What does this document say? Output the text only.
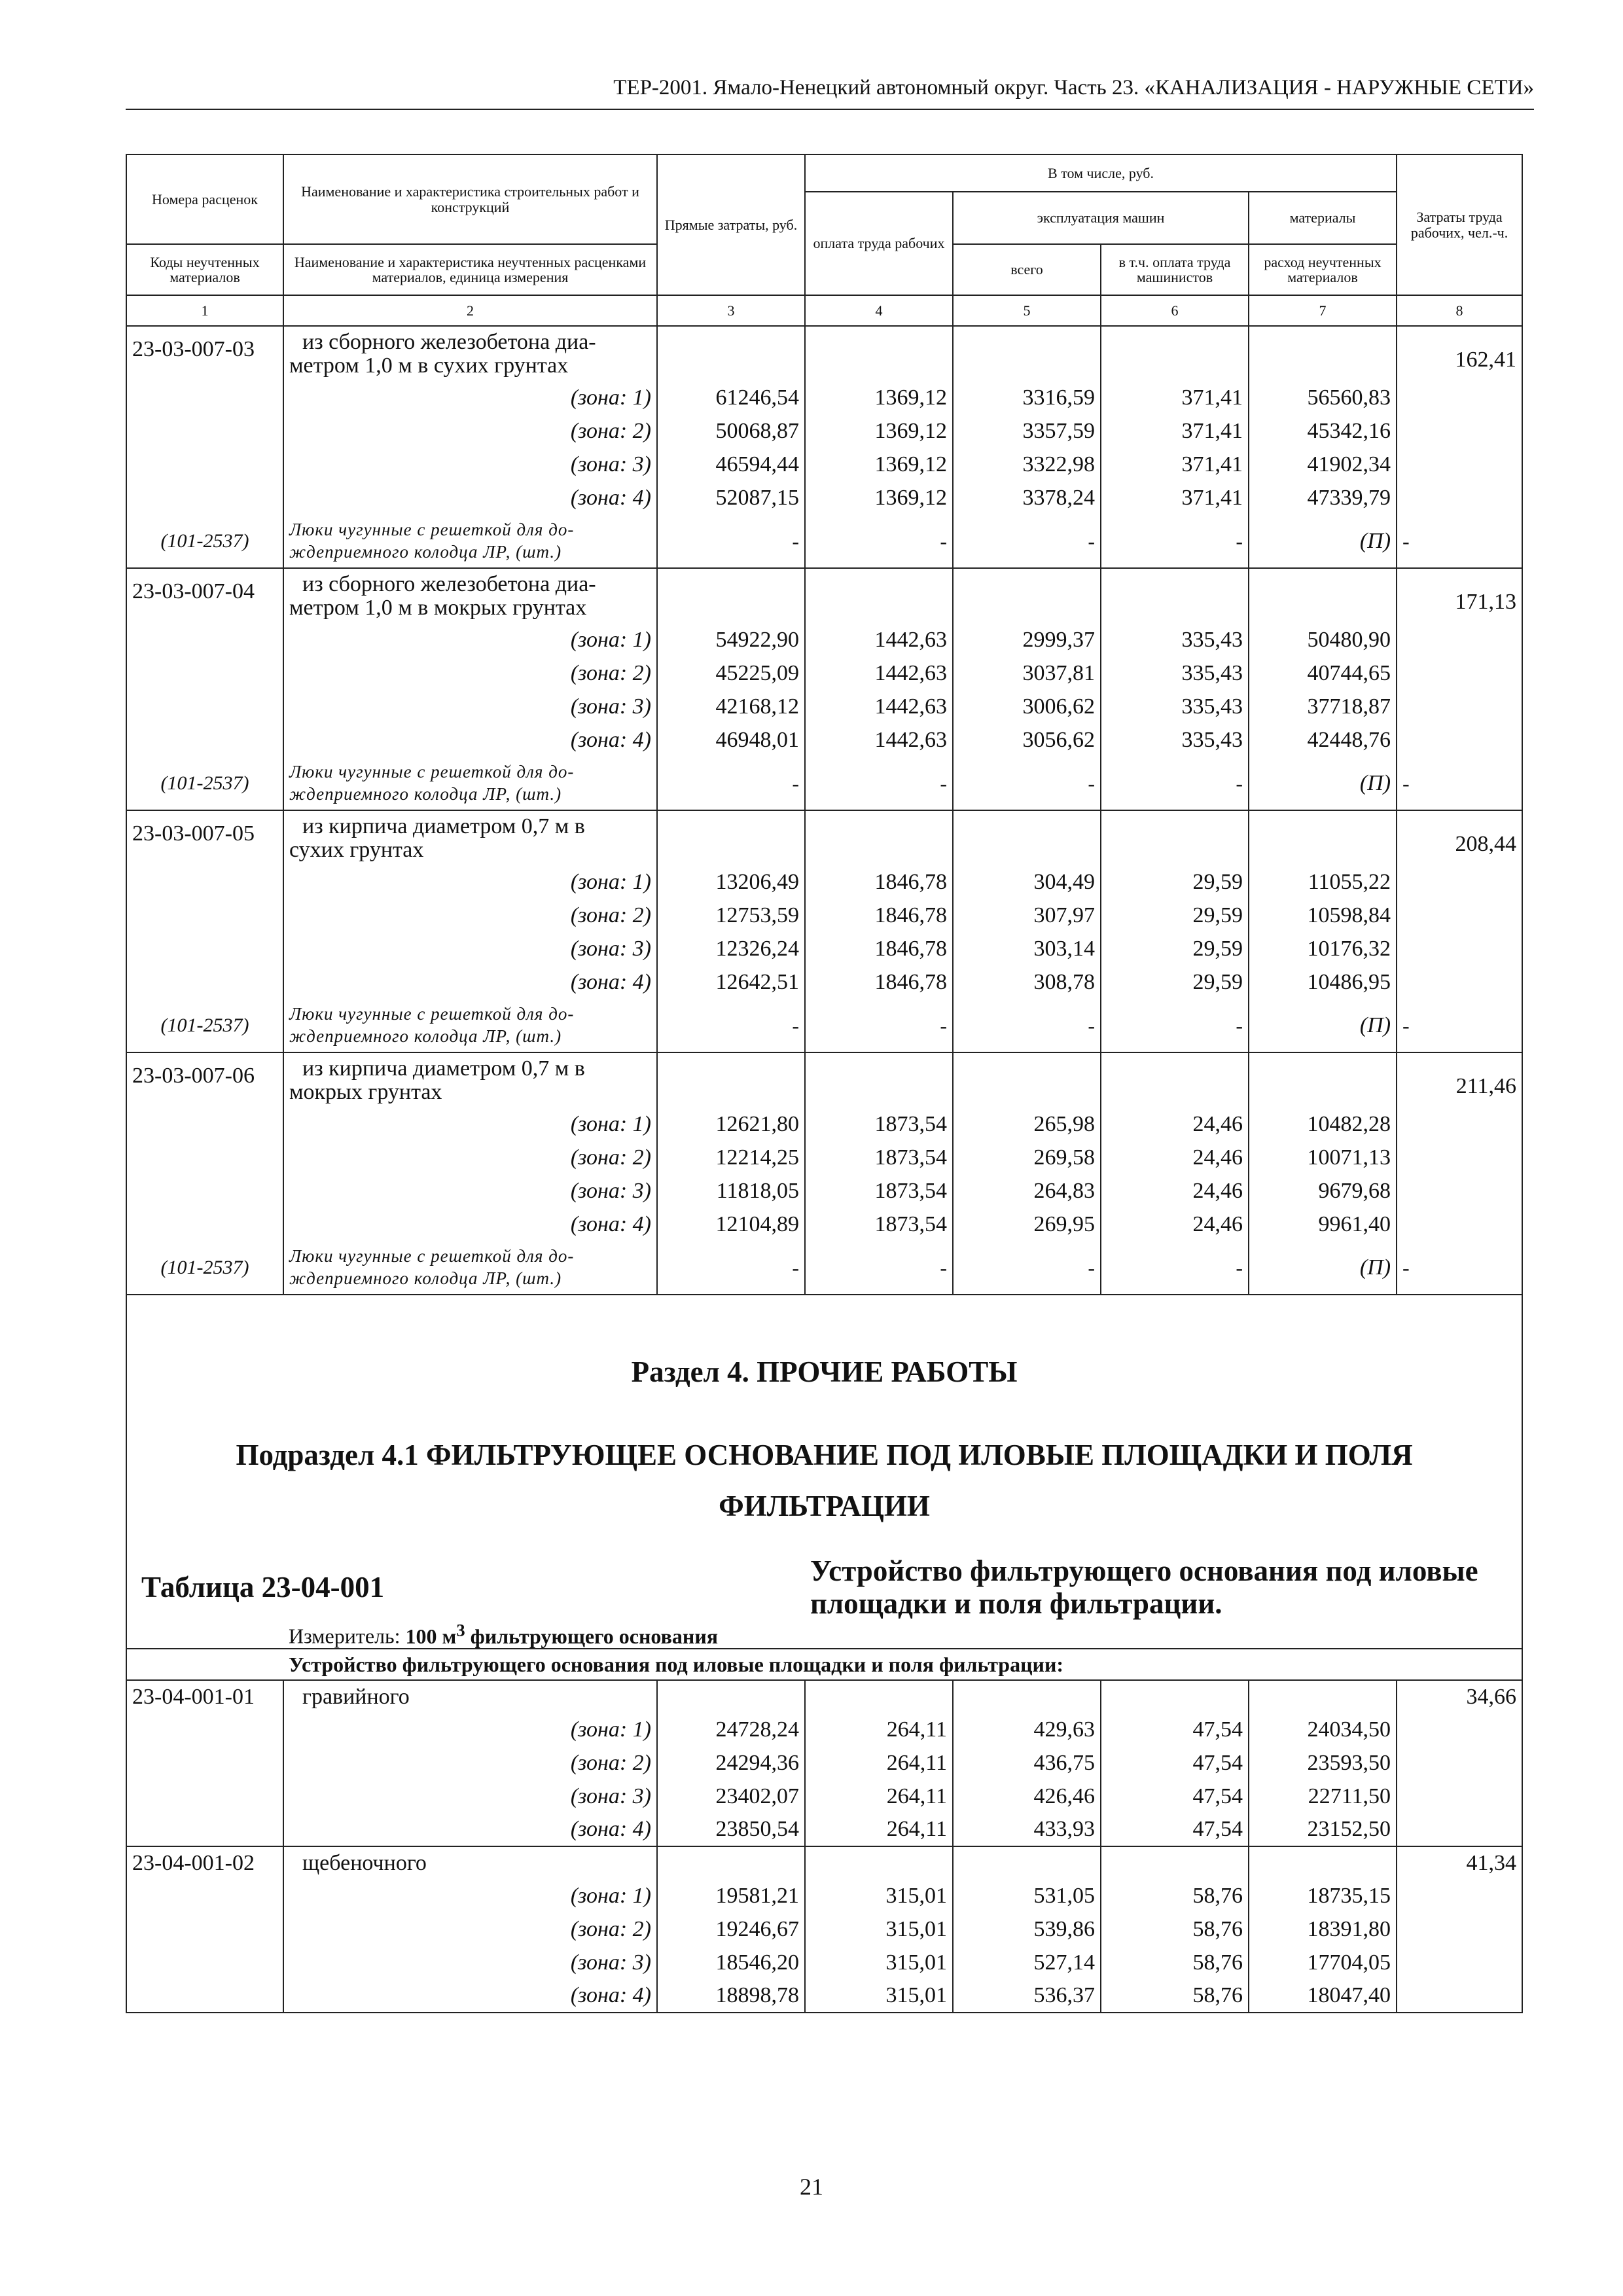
ТЕР-2001. Ямало-Ненецкий автономный округ. Часть 23. «КАНАЛИЗАЦИЯ - НАРУЖНЫЕ СЕТИ»
Номера расценок	Наименование и характеристика строительных работ и конструкций	Прямые затраты, руб.	В том числе, руб.				Затраты труда рабочих, чел.-ч.
			оплата труда рабочих	эксплуатация машин		материалы	
Коды неучтенных материалов	Наименование и характеристика неучтенных расценками материалов, единица измерения			всего	в т.ч. оплата труда машинистов	расход неучтенных материалов	
1	2	3	4	5	6	7	8
23-03-007-03	из сборного железобетона диа-
метром 1,0 м в сухих грунтах						162,41
	(зона: 1)	61246,54	1369,12	3316,59	371,41	56560,83	
	(зона: 2)	50068,87	1369,12	3357,59	371,41	45342,16	
	(зона: 3)	46594,44	1369,12	3322,98	371,41	41902,34	
	(зона: 4)	52087,15	1369,12	3378,24	371,41	47339,79	
(101-2537)	Люки чугунные с решеткой для до-
ждеприемного колодца ЛР, (шт.)	-	-	-	-	(П)	-
23-03-007-04	из сборного железобетона диа-
метром 1,0 м в мокрых грунтах						171,13
	(зона: 1)	54922,90	1442,63	2999,37	335,43	50480,90	
	(зона: 2)	45225,09	1442,63	3037,81	335,43	40744,65	
	(зона: 3)	42168,12	1442,63	3006,62	335,43	37718,87	
	(зона: 4)	46948,01	1442,63	3056,62	335,43	42448,76	
(101-2537)	Люки чугунные с решеткой для до-
ждеприемного колодца ЛР, (шт.)	-	-	-	-	(П)	-
23-03-007-05	из кирпича диаметром 0,7 м в
сухих грунтах						208,44
	(зона: 1)	13206,49	1846,78	304,49	29,59	11055,22	
	(зона: 2)	12753,59	1846,78	307,97	29,59	10598,84	
	(зона: 3)	12326,24	1846,78	303,14	29,59	10176,32	
	(зона: 4)	12642,51	1846,78	308,78	29,59	10486,95	
(101-2537)	Люки чугунные с решеткой для до-
ждеприемного колодца ЛР, (шт.)	-	-	-	-	(П)	-
23-03-007-06	из кирпича диаметром 0,7 м в
мокрых грунтах						211,46
	(зона: 1)	12621,80	1873,54	265,98	24,46	10482,28	
	(зона: 2)	12214,25	1873,54	269,58	24,46	10071,13	
	(зона: 3)	11818,05	1873,54	264,83	24,46	9679,68	
	(зона: 4)	12104,89	1873,54	269,95	24,46	9961,40	
(101-2537)	Люки чугунные с решеткой для до-
ждеприемного колодца ЛР, (шт.)	-	-	-	-	(П)	-

Раздел 4. ПРОЧИЕ РАБОТЫ							

Подраздел 4.1 ФИЛЬТРУЮЩЕЕ ОСНОВАНИЕ ПОД ИЛОВЫЕ ПЛОЩАДКИ И ПОЛЯ
ФИЛЬТРАЦИИ							

Таблица 23-04-001			Устройство фильтрующего основания под иловые
площадки и поля фильтрации.				
	Измеритель: 100 $м^3$ фильтрующего основания						
	Устройство фильтрующего основания под иловые площадки и поля фильтрации:						
23-04-001-01	гравийного						34,66
	(зона: 1)	24728,24	264,11	429,63	47,54	24034,50	
	(зона: 2)	24294,36	264,11	436,75	47,54	23593,50	
	(зона: 3)	23402,07	264,11	426,46	47,54	22711,50	
	(зона: 4)	23850,54	264,11	433,93	47,54	23152,50	
23-04-001-02	щебеночного						41,34
	(зона: 1)	19581,21	315,01	531,05	58,76	18735,15	
	(зона: 2)	19246,67	315,01	539,86	58,76	18391,80	
	(зона: 3)	18546,20	315,01	527,14	58,76	17704,05	
	(зона: 4)	18898,78	315,01	536,37	58,76	18047,40	
21
